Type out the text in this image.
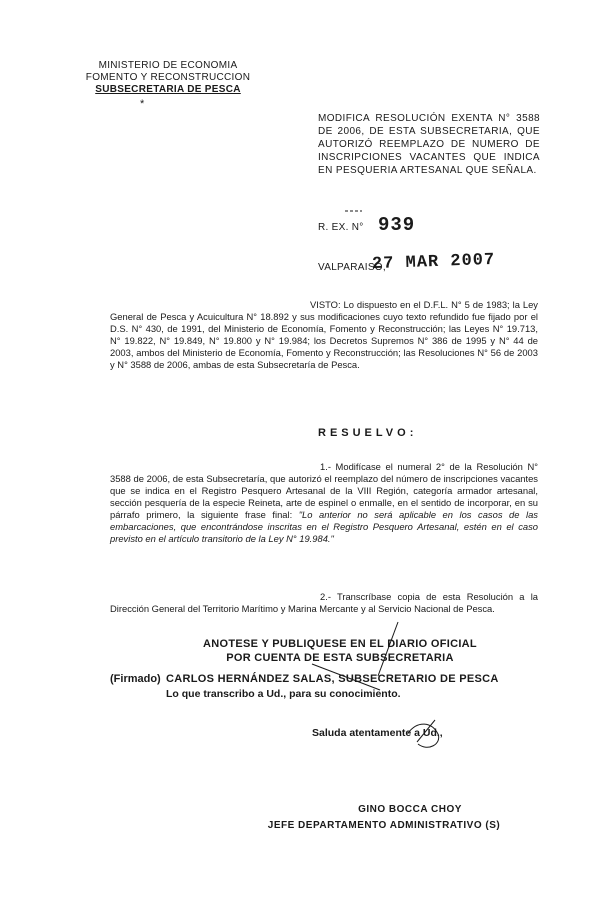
MINISTERIO DE ECONOMIA
FOMENTO Y RECONSTRUCCION
SUBSECRETARIA DE PESCA
*
MODIFICA RESOLUCIÓN EXENTA N° 3588 DE 2006, DE ESTA SUBSECRETARIA, QUE AUTORIZÓ REEMPLAZO DE NUMERO DE INSCRIPCIONES VACANTES QUE INDICA EN PESQUERIA ARTESANAL QUE SEÑALA.
R. EX. N° 939
VALPARAISO,
27 MAR 2007
VISTO: Lo dispuesto en el D.F.L. N° 5 de 1983; la Ley General de Pesca y Acuicultura N° 18.892 y sus modificaciones cuyo texto refundido fue fijado por el D.S. N° 430, de 1991, del Ministerio de Economía, Fomento y Reconstrucción; las Leyes N° 19.713, N° 19.822, N° 19.849, N° 19.800 y N° 19.984; los Decretos Supremos N° 386 de 1995 y N° 44 de 2003, ambos del Ministerio de Economía, Fomento y Reconstrucción; las Resoluciones N° 56 de 2003 y N° 3588 de 2006, ambas de esta Subsecretaría de Pesca.
RESUELVO:
1.- Modifícase el numeral 2° de la Resolución N° 3588 de 2006, de esta Subsecretaría, que autorizó el reemplazo del número de inscripciones vacantes que se indica en el Registro Pesquero Artesanal de la VIII Región, categoría armador artesanal, sección pesquería de la especie Reineta, arte de espinel o enmalle, en el sentido de incorporar, en su párrafo primero, la siguiente frase final: "Lo anterior no será aplicable en los casos de las embarcaciones, que encontrándose inscritas en el Registro Pesquero Artesanal, estén en el caso previsto en el artículo transitorio de la Ley N° 19.984."
2.- Transcríbase copia de esta Resolución a la Dirección General del Territorio Marítimo y Marina Mercante y al Servicio Nacional de Pesca.
ANOTESE Y PUBLIQUESE EN EL DIARIO OFICIAL
POR CUENTA DE ESTA SUBSECRETARIA
(Firmado) CARLOS HERNÁNDEZ SALAS, SUBSECRETARIO DE PESCA
Lo que transcribo a Ud., para su conocimiento.
Saluda atentamente a Ud.,
GINO BOCCA CHOY
JEFE DEPARTAMENTO ADMINISTRATIVO (S)
